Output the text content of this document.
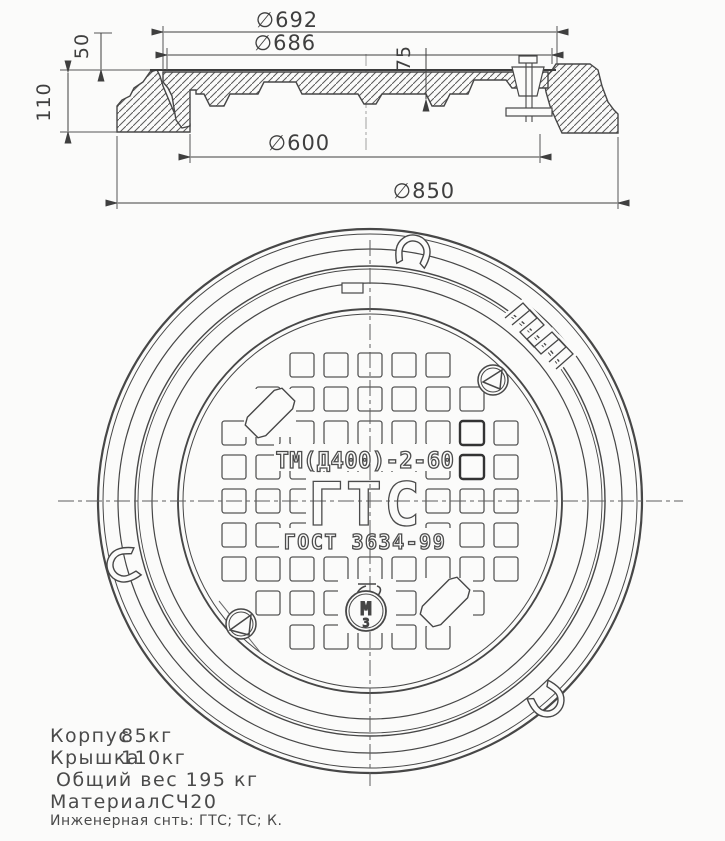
∅692
∅686
∅600
∅850
110
50	75
ТМ(Д400)-2-60
ГТС
ГОСТ 3634-99
М
З
Корпус
85кг
Крышка
110кг
Общий вес 195 кг
Материал СЧ20
Инженерная снть: ГТС; ТС; К.
